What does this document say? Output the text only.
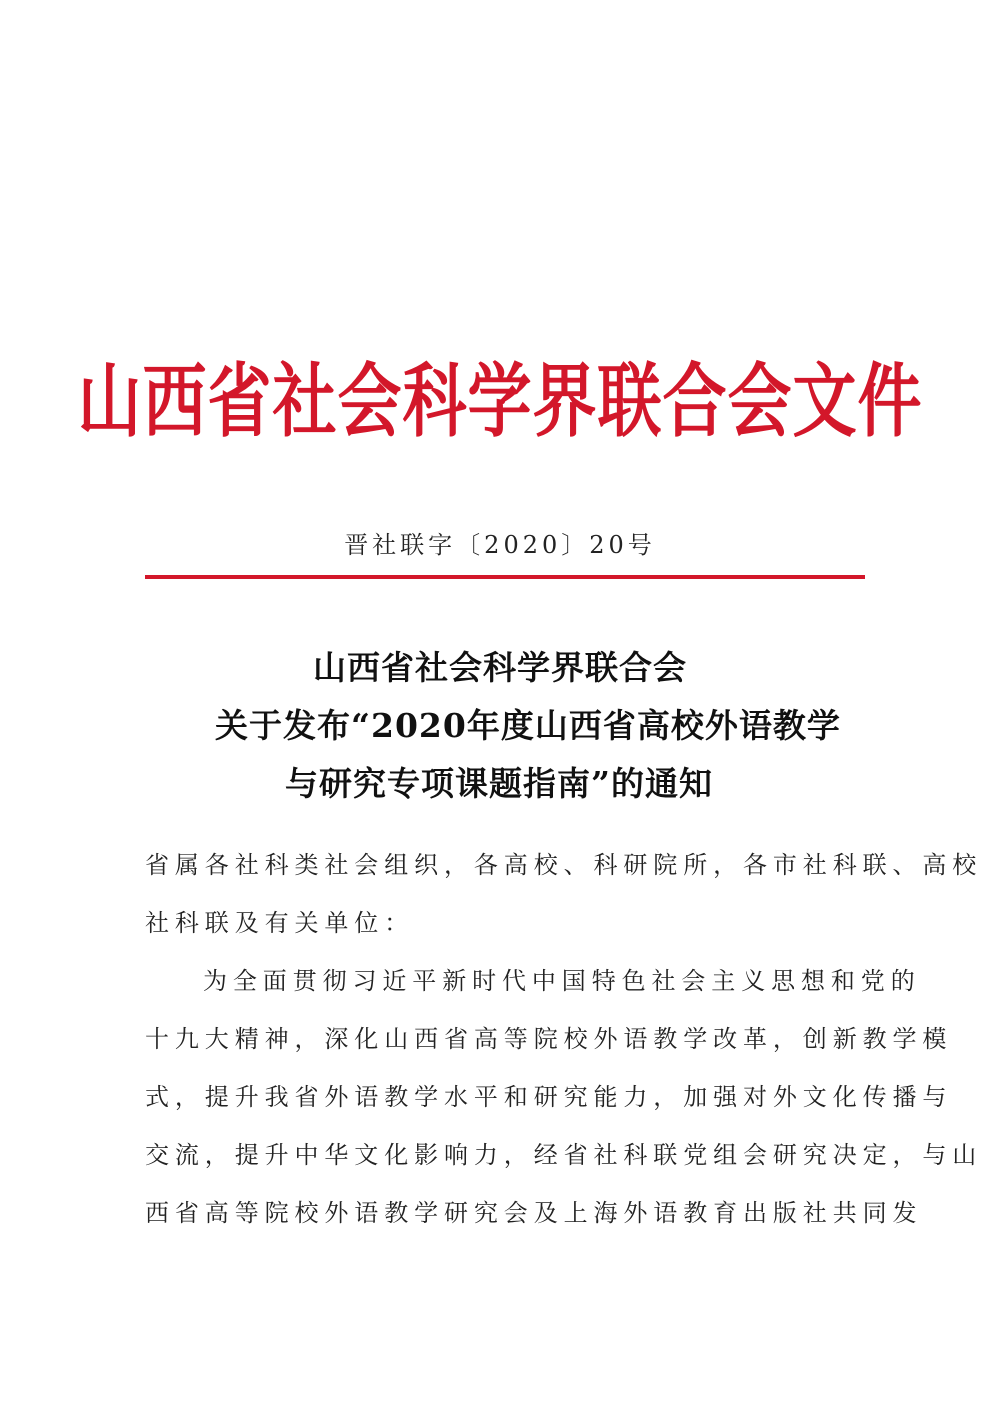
山西省社会科学界联合会文件
晋社联字〔2020〕20号
山西省社会科学界联合会
关于发布“2020年度山西省高校外语教学
与研究专项课题指南”的通知
省属各社科类社会组织，各高校、科研院所，各市社科联、高校
社科联及有关单位：
为全面贯彻习近平新时代中国特色社会主义思想和党的
十九大精神，深化山西省高等院校外语教学改革，创新教学模
式，提升我省外语教学水平和研究能力，加强对外文化传播与
交流，提升中华文化影响力，经省社科联党组会研究决定，与山
西省高等院校外语教学研究会及上海外语教育出版社共同发
